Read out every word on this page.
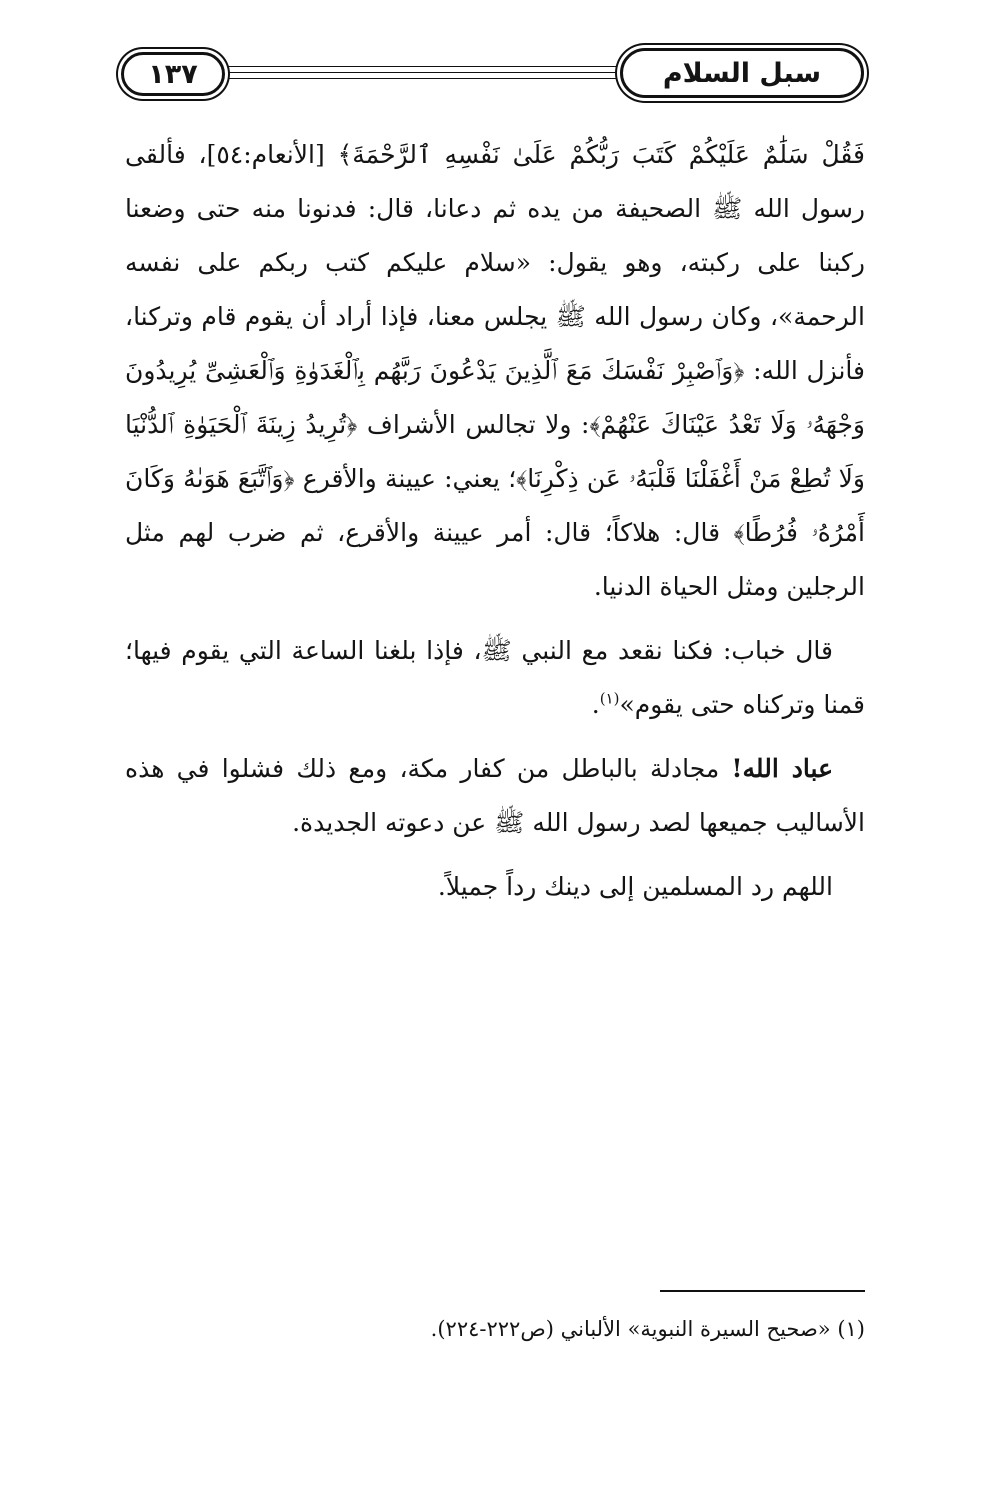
سبل السلام
١٣٧

فَقُلْ سَلَٰمٌ عَلَيْكُمْ كَتَبَ رَبُّكُمْ عَلَىٰ نَفْسِهِ ٱلرَّحْمَةَ﴾ [الأنعام:٥٤]، فألقى رسول الله ﷺ الصحيفة من يده ثم دعانا، قال: فدنونا منه حتى وضعنا ركبنا على ركبته، وهو يقول: «سلام عليكم كتب ربكم على نفسه الرحمة»، وكان رسول الله ﷺ يجلس معنا، فإذا أراد أن يقوم قام وتركنا، فأنزل الله: ﴿وَٱصْبِرْ نَفْسَكَ مَعَ ٱلَّذِينَ يَدْعُونَ رَبَّهُم بِٱلْغَدَوٰةِ وَٱلْعَشِىِّ يُرِيدُونَ وَجْهَهُۥ وَلَا تَعْدُ عَيْنَاكَ عَنْهُمْ﴾: ولا تجالس الأشراف ﴿تُرِيدُ زِينَةَ ٱلْحَيَوٰةِ ٱلدُّنْيَا وَلَا تُطِعْ مَنْ أَغْفَلْنَا قَلْبَهُۥ عَن ذِكْرِنَا﴾؛ يعني: عيينة والأقرع ﴿وَٱتَّبَعَ هَوَىٰهُ وَكَانَ أَمْرُهُۥ فُرُطًا﴾ قال: هلاكاً؛ قال: أمر عيينة والأقرع، ثم ضرب لهم مثل الرجلين ومثل الحياة الدنيا.

قال خباب: فكنا نقعد مع النبي ﷺ، فإذا بلغنا الساعة التي يقوم فيها؛ قمنا وتركناه حتى يقوم»$^{(١)}$.

عباد الله! مجادلة بالباطل من كفار مكة، ومع ذلك فشلوا في هذه الأساليب جميعها لصد رسول الله ﷺ عن دعوته الجديدة.

اللهم رد المسلمين إلى دينك رداً جميلاً.

(١) «صحيح السيرة النبوية» الألباني (ص٢٢٢-٢٢٤).
